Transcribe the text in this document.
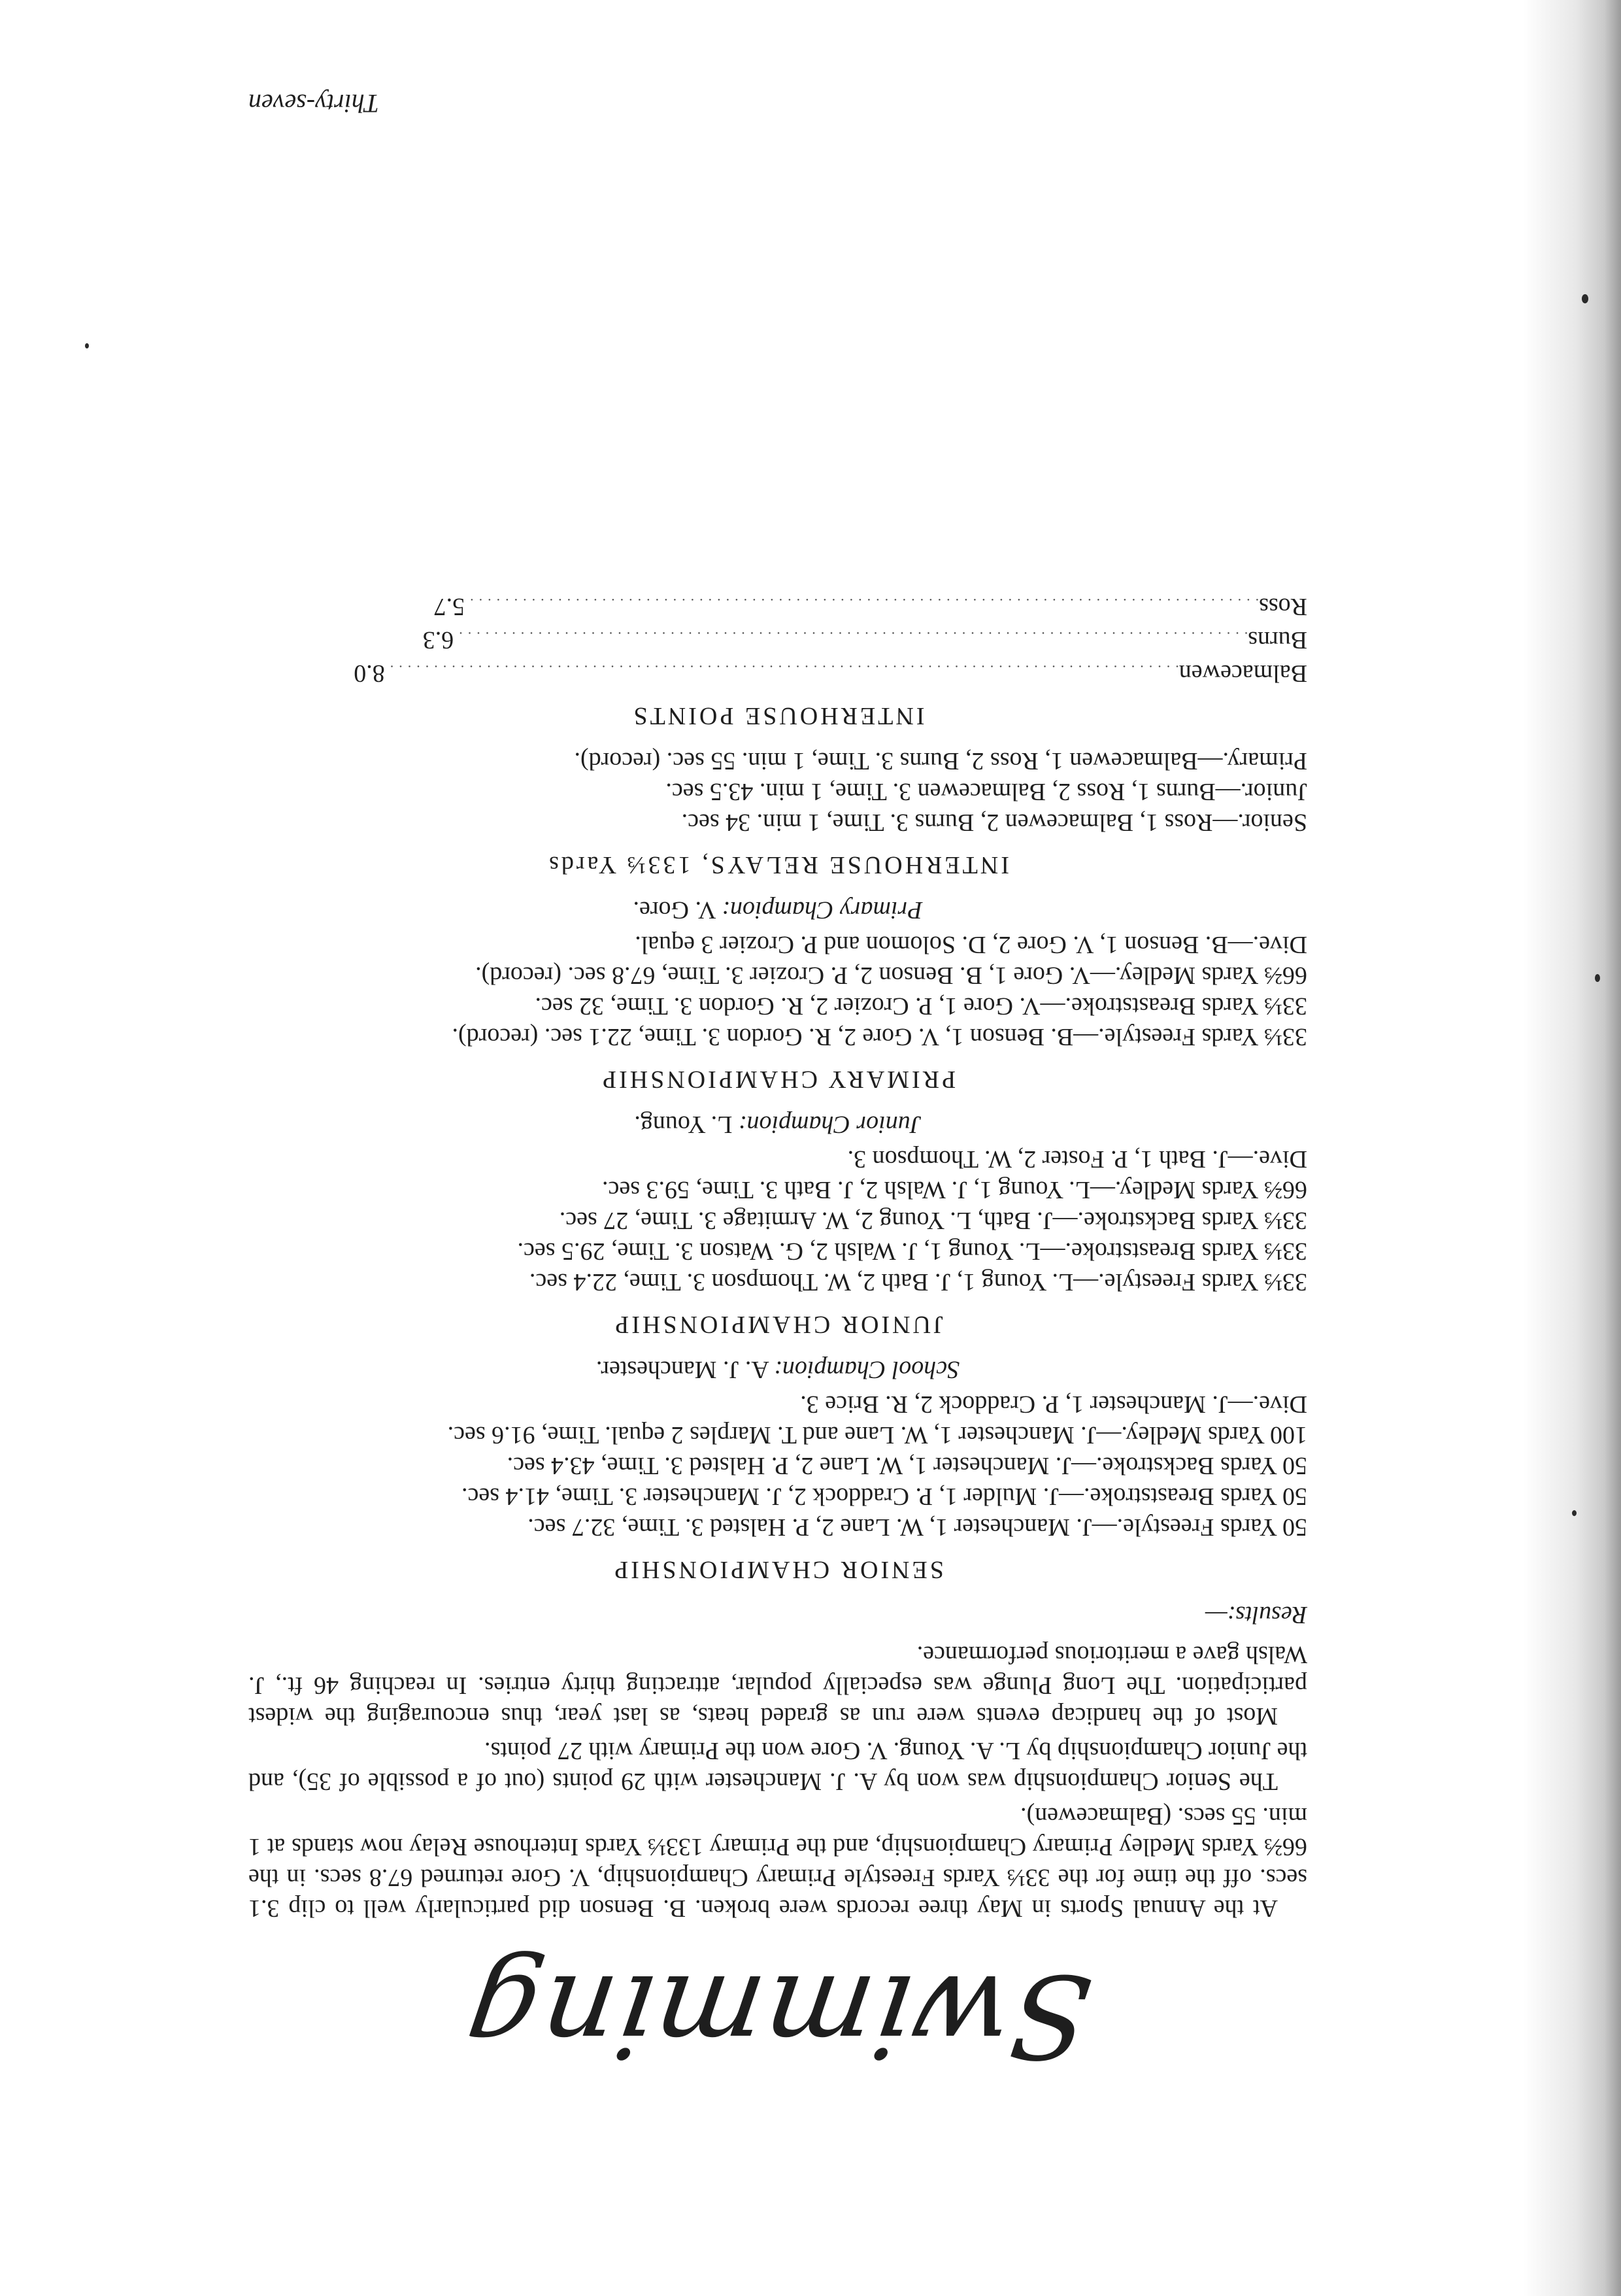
Swimming

At the Annual Sports in May three records were broken. B. Benson did particularly well to clip 3.1 secs. off the time for the 33⅓ Yards Freestyle Primary Championship, V. Gore returned 67.8 secs. in the 66⅔ Yards Medley Primary Championship, and the Primary 133⅓ Yards Interhouse Relay now stands at 1 min. 55 secs. (Balmacewen).

The Senior Championship was won by A. J. Manchester with 29 points (out of a possible of 35), and the Junior Championship by L. A. Young. V. Gore won the Primary with 27 points.

Most of the handicap events were run as graded heats, as last year, thus encouraging the widest participation. The Long Plunge was especially popular, attracting thirty entries. In reaching 46 ft., J. Walsh gave a meritorious performance.

Results:—
SENIOR CHAMPIONSHIP

50 Yards Freestyle.—J. Manchester 1, W. Lane 2, P. Halsted 3. Time, 32.7 sec.

50 Yards Breaststroke.—J. Mulder 1, P. Craddock 2, J. Manchester 3. Time, 41.4 sec.

50 Yards Backstroke.—J. Manchester 1, W. Lane 2, P. Halsted 3. Time, 43.4 sec.

100 Yards Medley.—J. Manchester 1, W. Lane and T. Marples 2 equal. Time, 91.6 sec.

Dive.—J. Manchester 1, P. Craddock 2, R. Brice 3.

School Champion: A. J. Manchester.
JUNIOR CHAMPIONSHIP

33⅓ Yards Freestyle.—L. Young 1, J. Bath 2, W. Thompson 3. Time, 22.4 sec.

33⅓ Yards Breaststroke.—L. Young 1, J. Walsh 2, G. Watson 3. Time, 29.5 sec.

33⅓ Yards Backstroke.—J. Bath, L. Young 2, W. Armitage 3. Time, 27 sec.

66⅔ Yards Medley.—L. Young 1, J. Walsh 2, J. Bath 3. Time, 59.3 sec.

Dive.—J. Bath 1, P. Foster 2, W. Thompson 3.

Junior Champion: L. Young.
PRIMARY CHAMPIONSHIP

33⅓ Yards Freestyle.—B. Benson 1, V. Gore 2, R. Gordon 3. Time, 22.1 sec. (record).

33⅓ Yards Breaststroke.—V. Gore 1, P. Crozier 2, R. Gordon 3. Time, 32 sec.

66⅔ Yards Medley.—V. Gore 1, B. Benson 2, P. Crozier 3. Time, 67.8 sec. (record).

Dive.—B. Benson 1, V. Gore 2, D. Solomon and P. Crozier 3 equal.

Primary Champion: V. Gore.
INTERHOUSE RELAYS, 133⅓ Yards

Senior.—Ross 1, Balmacewen 2, Burns 3. Time, 1 min. 34 sec.

Junior.—Burns 1, Ross 2, Balmacewen 3. Time, 1 min. 43.5 sec.

Primary.—Balmacewen 1, Ross 2, Burns 3. Time, 1 min. 55 sec. (record).

INTERHOUSE POINTS
Balmacewen
..........................................................................................
8.0
Burns
..........................................................................................
6.3
Ross
..........................................................................................
5.7
Thirty-seven
